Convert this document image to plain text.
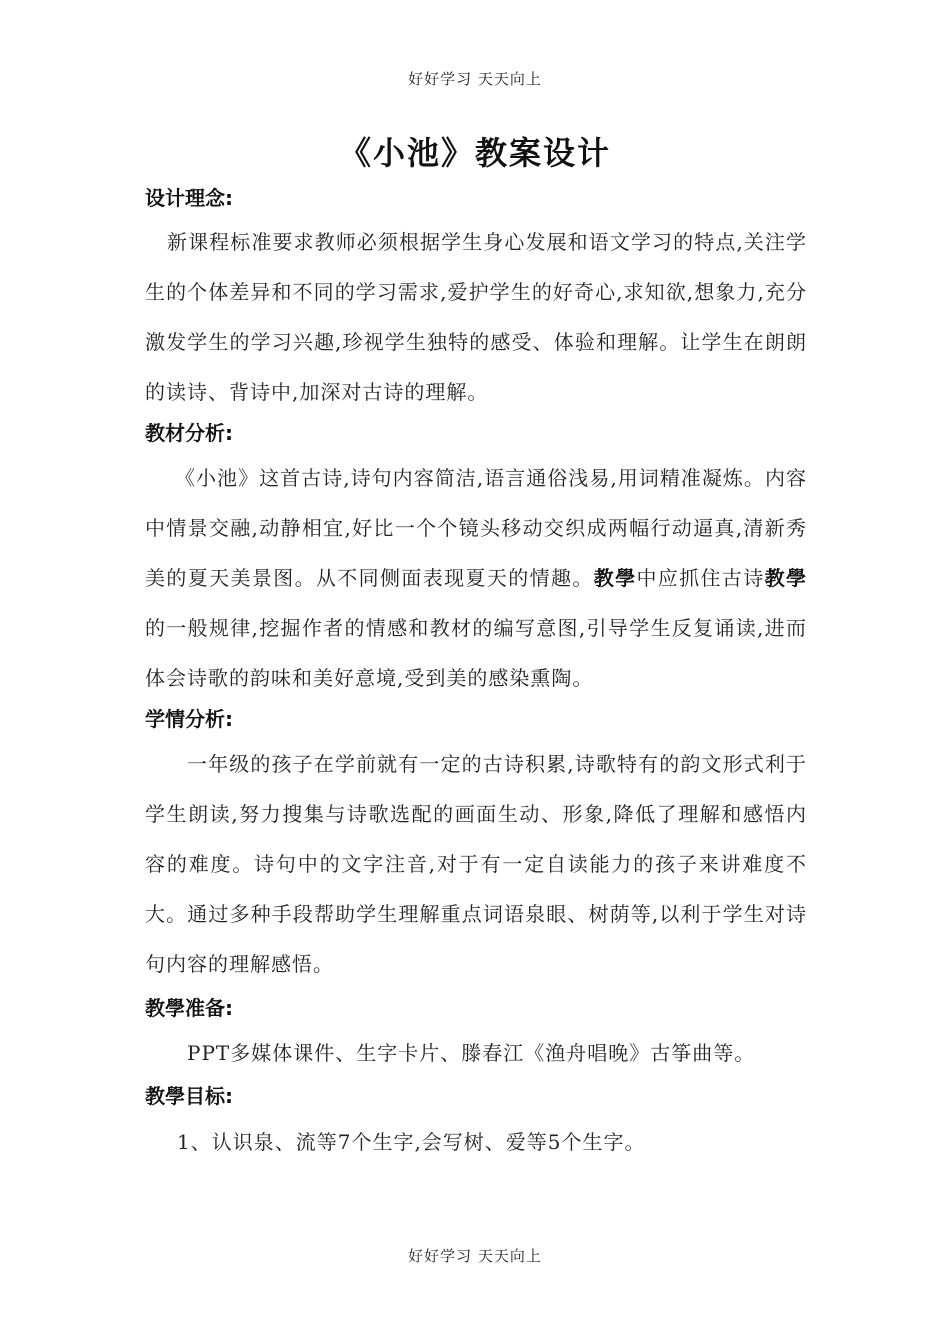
好好学习 天天向上
《小池》教案设计
设计理念:
新课程标准要求教师必须根据学生身心发展和语文学习的特点,关注学生的个体差异和不同的学习需求,爱护学生的好奇心,求知欲,想象力,充分激发学生的学习兴趣,珍视学生独特的感受、体验和理解。让学生在朗朗的读诗、背诗中,加深对古诗的理解。
教材分析:
《小池》这首古诗,诗句内容简洁,语言通俗浅易,用词精准凝炼。内容中情景交融,动静相宜,好比一个个镜头移动交织成两幅行动逼真,清新秀美的夏天美景图。从不同侧面表现夏天的情趣。教學中应抓住古诗教學的一般规律,挖掘作者的情感和教材的编写意图,引导学生反复诵读,进而体会诗歌的韵味和美好意境,受到美的感染熏陶。
学情分析:
一年级的孩子在学前就有一定的古诗积累,诗歌特有的韵文形式利于学生朗读,努力搜集与诗歌选配的画面生动、形象,降低了理解和感悟内容的难度。诗句中的文字注音,对于有一定自读能力的孩子来讲难度不大。通过多种手段帮助学生理解重点词语泉眼、树荫等,以利于学生对诗句内容的理解感悟。
教學准备:
PPT多媒体课件、生字卡片、滕春江《渔舟唱晚》古筝曲等。
教學目标:
1、认识泉、流等7个生字,会写树、爱等5个生字。
好好学习 天天向上
